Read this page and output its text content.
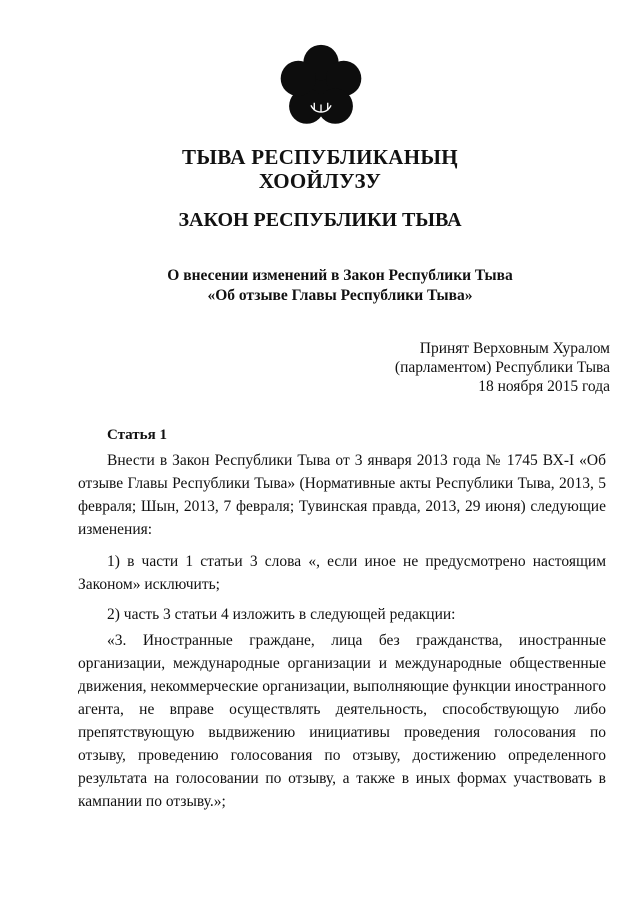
ТЫВА РЕСПУБЛИКАНЫҢ
ХООЙЛУЗУ
ЗАКОН РЕСПУБЛИКИ ТЫВА
О внесении изменений в Закон Республики Тыва
«Об отзыве Главы Республики Тыва»
Принят Верховным Хуралом
(парламентом) Республики Тыва
18 ноября 2015 года
Статья 1

Внести в Закон Республики Тыва от 3 января 2013 года № 1745 ВХ-I «Об отзыве Главы Республики Тыва» (Нормативные акты Республики Тыва, 2013, 5 февраля; Шын, 2013, 7 февраля; Тувинская правда, 2013, 29 июня) следующие изменения:

1) в части 1 статьи 3 слова «, если иное не предусмотрено настоящим Законом» исключить;

2) часть 3 статьи 4 изложить в следующей редакции:

«3. Иностранные граждане, лица без гражданства, иностранные организации, международные организации и международные общественные движения, некоммерческие организации, выполняющие функции иностранного агента, не вправе осуществлять деятельность, способствующую либо препятствующую выдвижению инициативы проведения голосования по отзыву, проведению голосования по отзыву, достижению определенного результата на голосовании по отзыву, а также в иных формах участвовать в кампании по отзыву.»;
